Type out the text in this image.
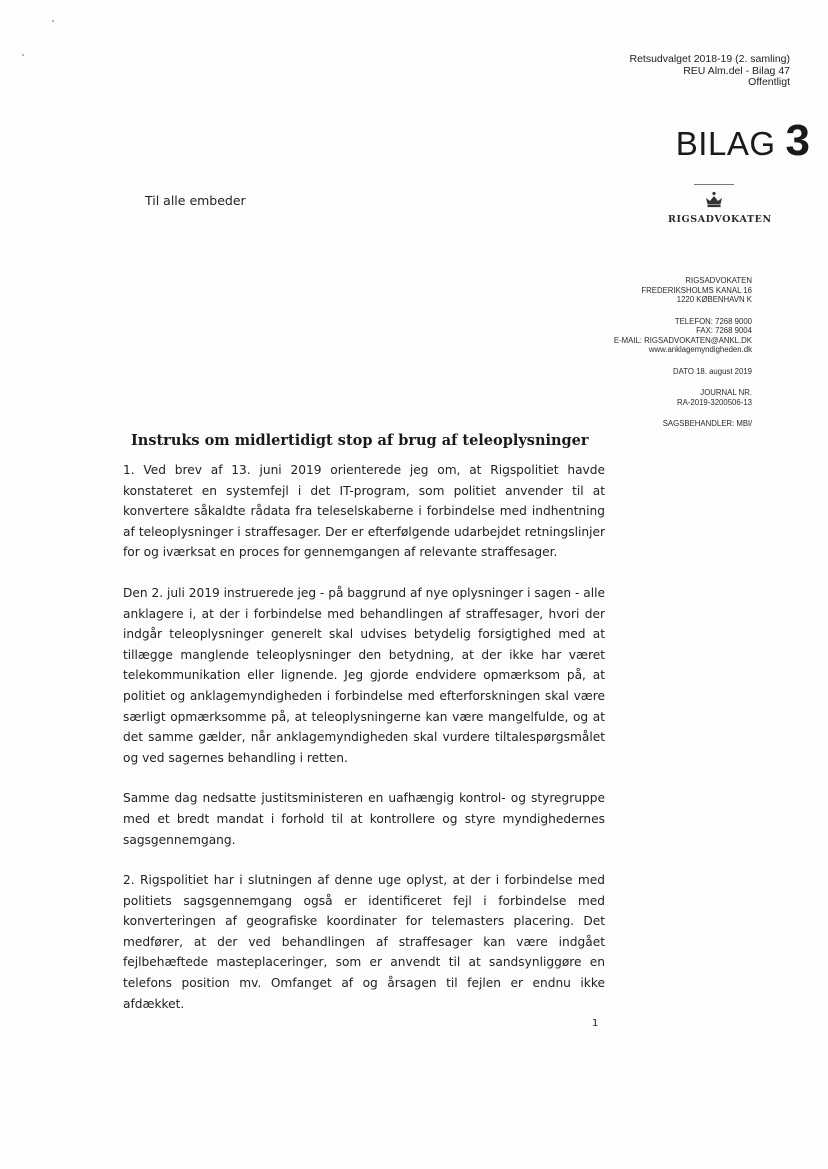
Retsudvalget 2018-19 (2. samling)
REU Alm.del - Bilag 47
Offentligt
BILAG 3
Til alle embeder
RIGSADVOKATEN
RIGSADVOKATEN
FREDERIKSHOLMS KANAL 16
1220 KØBENHAVN K
TELEFON: 7268 9000
FAX: 7268 9004
E-MAIL: RIGSADVOKATEN@ANKL.DK
www.anklagemyndigheden.dk
DATO 18. august 2019
JOURNAL NR.
RA-2019-3200506-13
SAGSBEHANDLER: MBl/
Instruks om midlertidigt stop af brug af teleoplysninger

1. Ved brev af 13. juni 2019 orienterede jeg om, at Rigspolitiet havde konstateret en systemfejl i det IT-program, som politiet anvender til at konvertere såkaldte rådata fra teleselskaberne i forbindelse med indhentning af teleoplysninger i straffesager. Der er efterfølgende udarbejdet retningslinjer for og iværksat en proces for gennemgangen af relevante straffesager.

Den 2. juli 2019 instruerede jeg - på baggrund af nye oplysninger i sagen - alle anklagere i, at der i forbindelse med behandlingen af straffesager, hvori der indgår teleoplysninger generelt skal udvises betydelig forsigtighed med at tillægge manglende teleoplysninger den betydning, at der ikke har været telekommunikation eller lignende. Jeg gjorde endvidere opmærksom på, at politiet og anklagemyndigheden i forbindelse med efterforskningen skal være særligt opmærksomme på, at teleoplysningerne kan være mangelfulde, og at det samme gælder, når anklagemyndigheden skal vurdere tiltalespørgsmålet og ved sagernes behandling i retten.

Samme dag nedsatte justitsministeren en uafhængig kontrol- og styregruppe med et bredt mandat i forhold til at kontrollere og styre myndighedernes sagsgennemgang.

2. Rigspolitiet har i slutningen af denne uge oplyst, at der i forbindelse med politiets sagsgennemgang også er identificeret fejl i forbindelse med konverteringen af geografiske koordinater for telemasters placering. Det medfører, at der ved behandlingen af straffesager kan være indgået fejlbehæftede masteplaceringer, som er anvendt til at sandsynliggøre en telefons position mv. Omfanget af og årsagen til fejlen er endnu ikke afdækket.

1
